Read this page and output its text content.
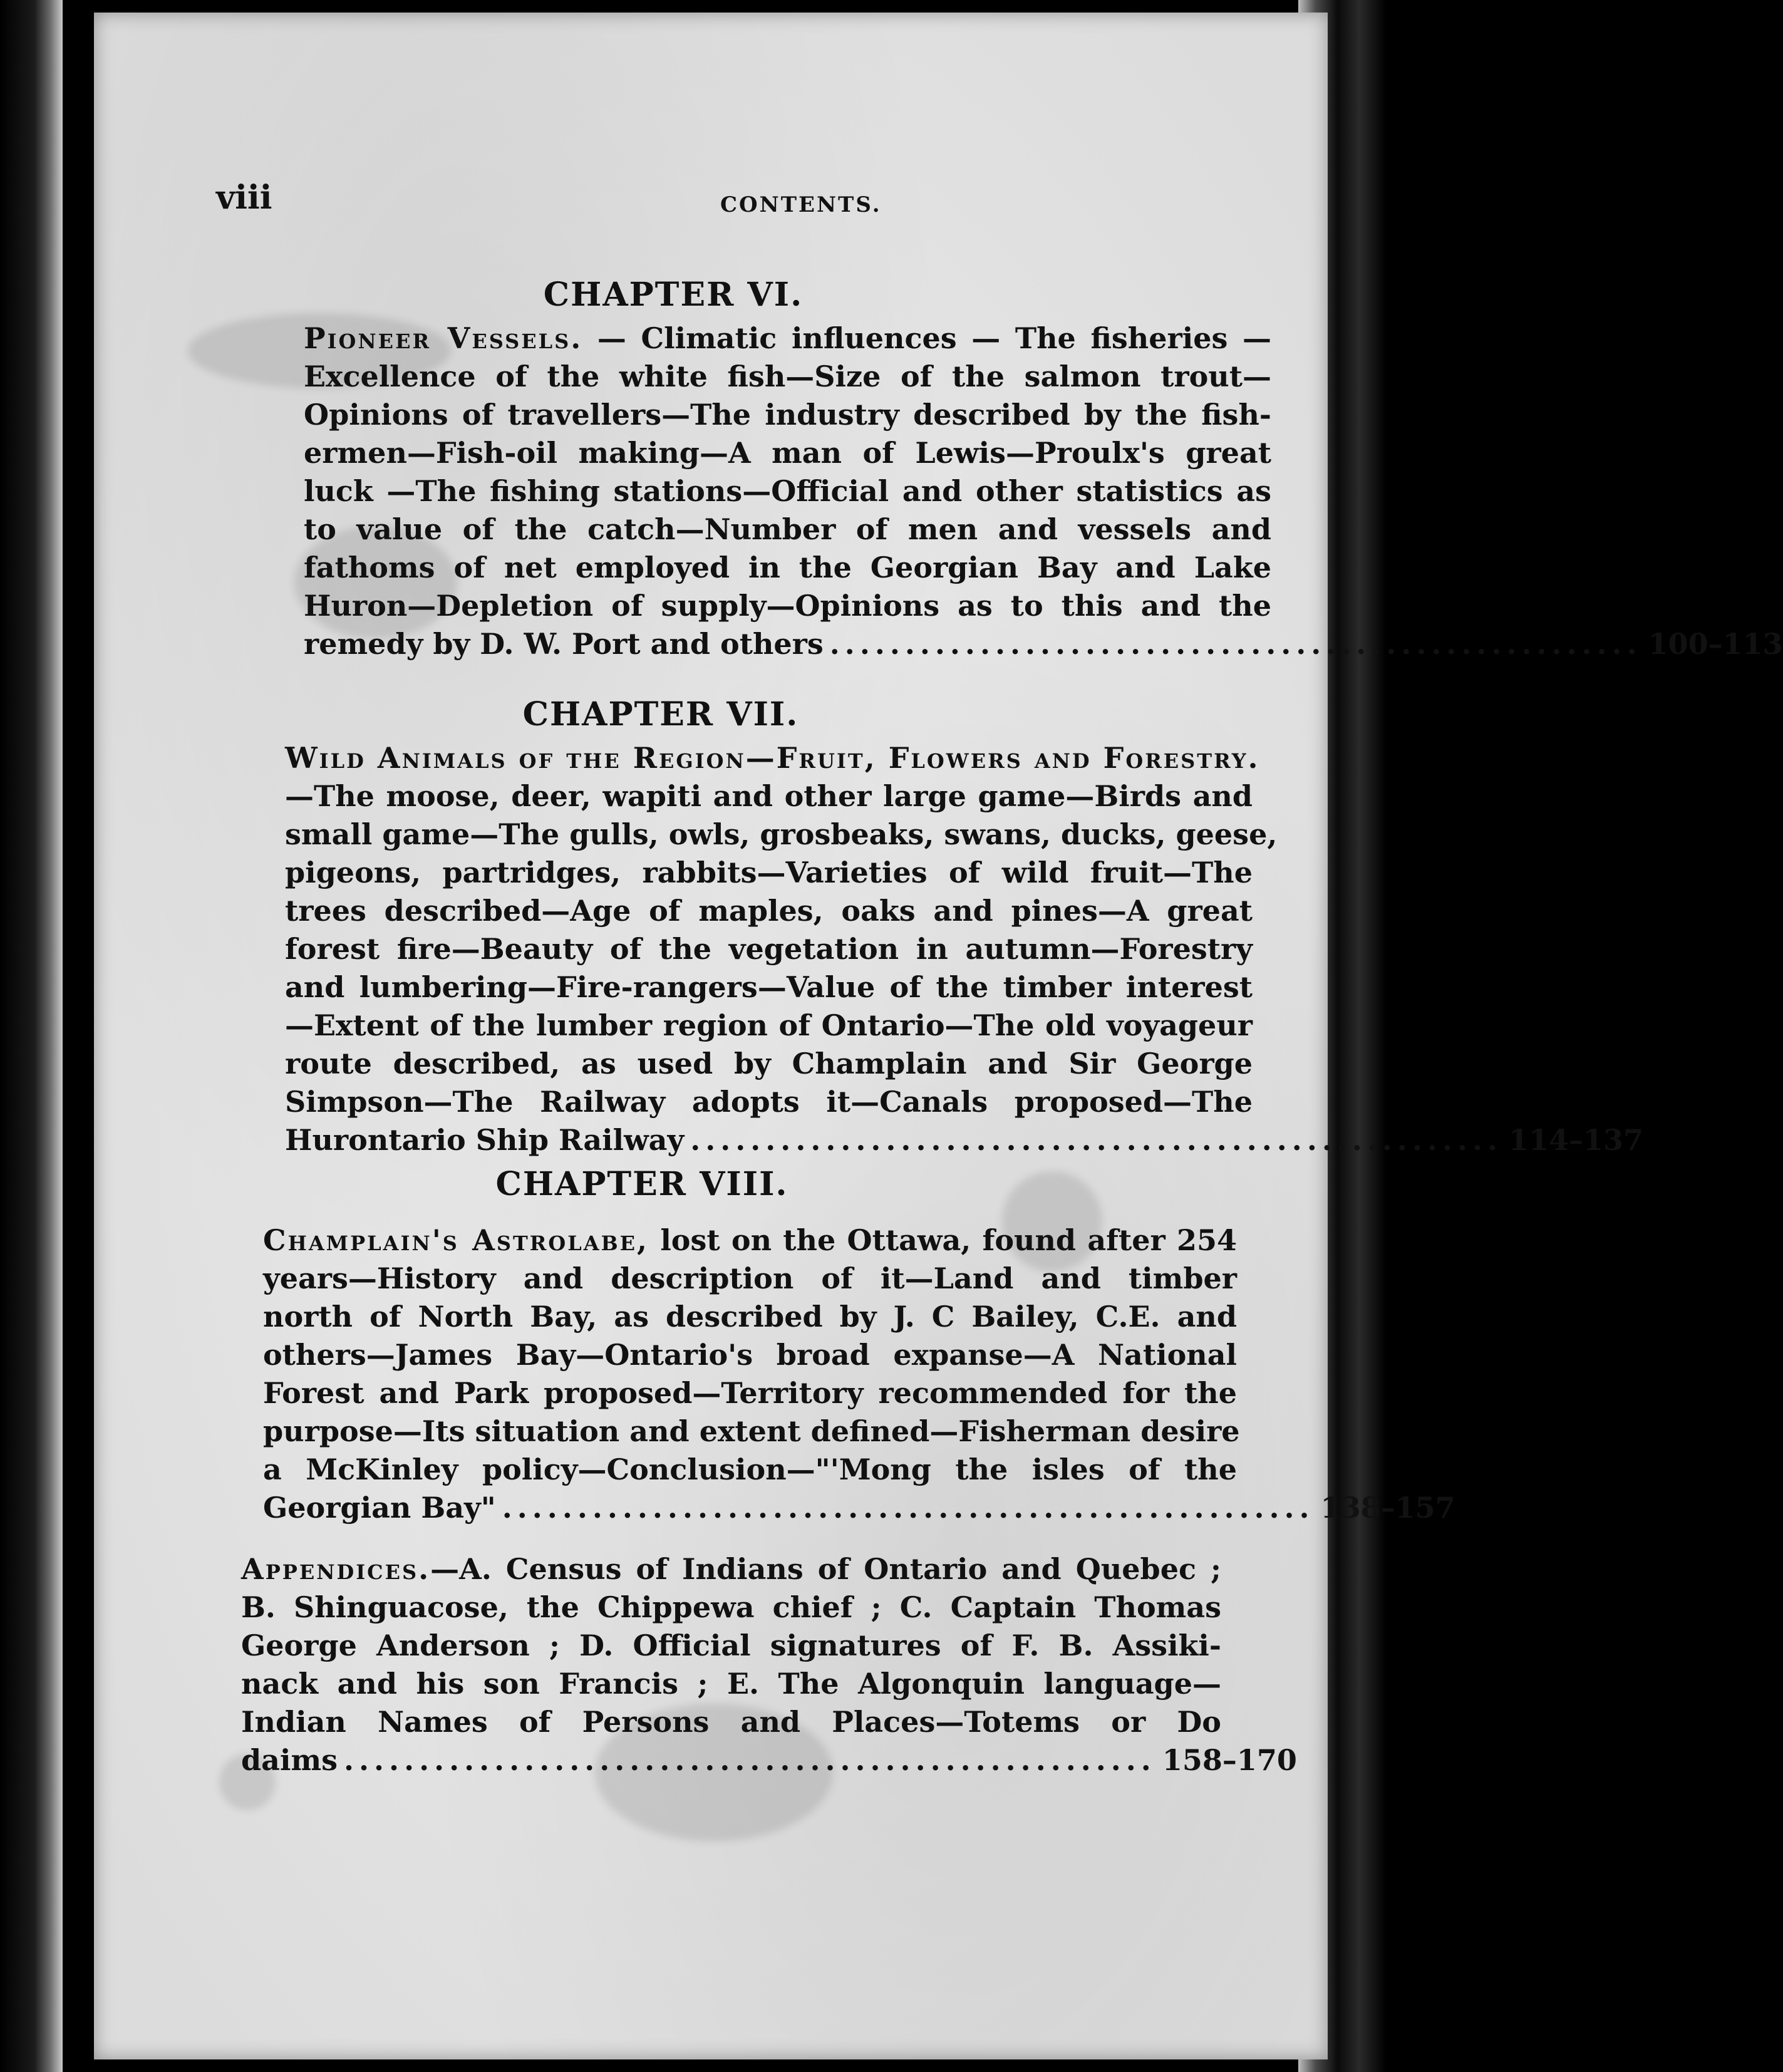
viii	CONTENTS.
CHAPTER VI.
Pioneer Vessels. — Climatic influences — The fisheries —
Excellence of the white fish—Size of the salmon trout—
Opinions of travellers—The industry described by the fish-
ermen—Fish-oil making—A man of Lewis—Proulx's great
luck —The fishing stations—Official and other statistics as
to value of the catch—Number of men and vessels and
fathoms of net employed in the Georgian Bay and Lake
Huron—Depletion of supply—Opinions as to this and the
remedy by D. W. Port and others ...................................................... 100–113
CHAPTER VII.
Wild Animals of the Region—Fruit, Flowers and Forestry.
—The moose, deer, wapiti and other large game—Birds and
small game—The gulls, owls, grosbeaks, swans, ducks, geese,
pigeons, partridges, rabbits—Varieties of wild fruit—The
trees described—Age of maples, oaks and pines—A great
forest fire—Beauty of the vegetation in autumn—Forestry
and lumbering—Fire-rangers—Value of the timber interest
—Extent of the lumber region of Ontario—The old voyageur
route described, as used by Champlain and Sir George
Simpson—The Railway adopts it—Canals proposed—The
Hurontario Ship Railway ...................................................... 114–137
CHAPTER VIII.
Champlain's Astrolabe, lost on the Ottawa, found after 254
years—History and description of it—Land and timber
north of North Bay, as described by J. C Bailey, C.E. and
others—James Bay—Ontario's broad expanse—A National
Forest and Park proposed—Territory recommended for the
purpose—Its situation and extent defined—Fisherman desire
a McKinley policy—Conclusion—"'Mong the isles of the
Georgian Bay" ...................................................... 138–157
Appendices.—A. Census of Indians of Ontario and Quebec ;
B. Shinguacose, the Chippewa chief ; C. Captain Thomas
George Anderson ; D. Official signatures of F. B. Assiki-
nack and his son Francis ; E. The Algonquin language—
Indian Names of Persons and Places—Totems or Do
daims ...................................................... 158–170
